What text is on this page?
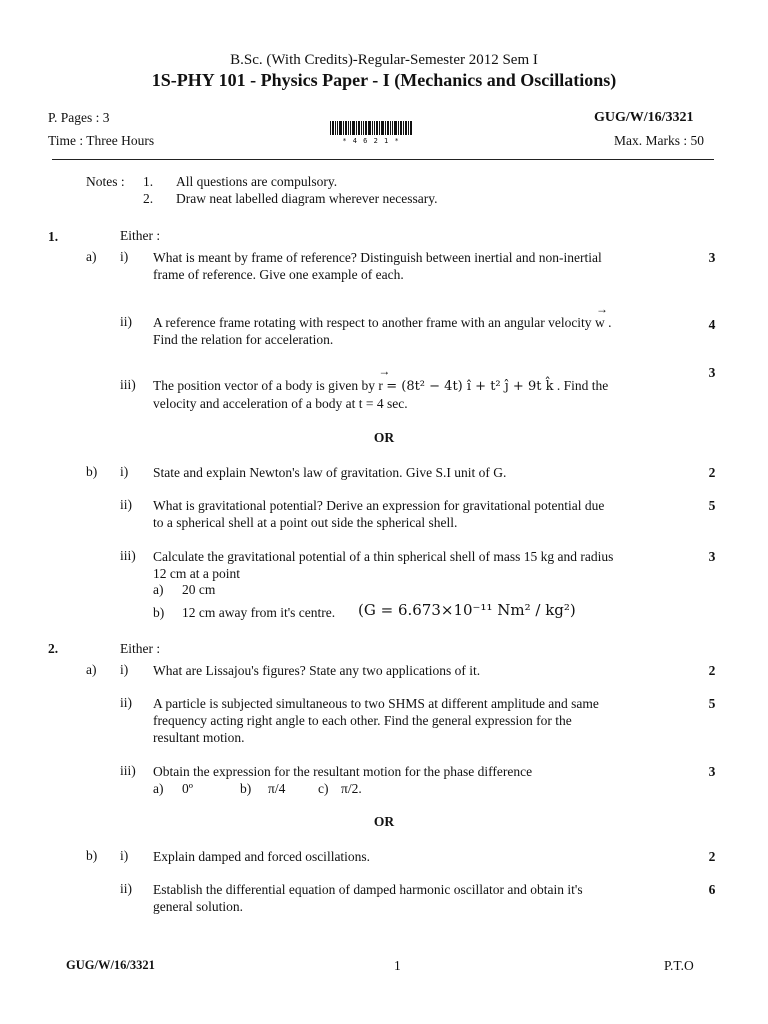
B.Sc. (With Credits)-Regular-Semester 2012 Sem I
1S-PHY 101 - Physics Paper - I (Mechanics and Oscillations)
P. Pages : 3	GUG/W/16/3321
Time : Three Hours	Max. Marks : 50
* 4 6 2 1 *
Notes : 1. All questions are compulsory.
2. Draw neat labelled diagram wherever necessary.
1.	Either :
a) i) What is meant by frame of reference? Distinguish between inertial and non-inertial
frame of reference. Give one example of each.
3
ii) A reference frame rotating with respect to another frame with an angular velocity
→
w .
Find the relation for acceleration.
4
iii) The position vector of a body is given by
→
r = (8t² − 4t) î + t² ĵ + 9t k̂ . Find the
velocity and acceleration of a body at t = 4 sec.
3
OR
b) i) State and explain Newton's law of gravitation. Give S.I unit of G.	2
ii) What is gravitational potential? Derive an expression for gravitational potential due
to a spherical shell at a point out side the spherical shell.
5
iii) Calculate the gravitational potential of a thin spherical shell of mass 15 kg and radius
12 cm at a point
3
a) 20 cm
b) 12 cm away from it's centre. (G = 6.673×10⁻¹¹ Nm² / kg²)
2.	Either :
a) i) What are Lissajou's figures? State any two applications of it.	2
ii) A particle is subjected simultaneous to two SHMS at different amplitude and same
frequency acting right angle to each other. Find the general expression for the
resultant motion.
5
iii) Obtain the expression for the resultant motion for the phase difference	3
a) 0º	b) π/4 c) π/2.
OR
b) i) Explain damped and forced oscillations.	2
ii) Establish the differential equation of damped harmonic oscillator and obtain it's
general solution.
6
GUG/W/16/3321	1	P.T.O
